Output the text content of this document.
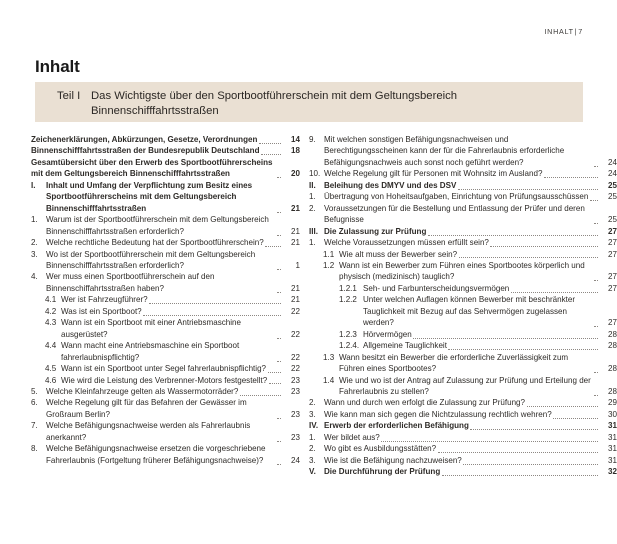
INHALT|7
Inhalt
Teil I Das Wichtigste über den Sportbootführerschein mit dem Geltungsbereich Binnenschifffahrtsstraßen
Zeichenerklärungen, Abkürzungen, Gesetze, Verordnungen	14
Binnenschifffahrtsstraßen der Bundesrepublik Deutschland	18
Gesamtübersicht über den Erwerb des Sportbootführerscheins mit dem Geltungsbereich Binnenschifffahrtsstraßen	20
I.	Inhalt und Umfang der Verpflichtung zum Besitz eines Sportbootführerscheins mit dem Geltungsbereich Binnenschifffahrtsstraßen	21
1.	Warum ist der Sportbootführerschein mit dem Geltungsbereich Binnenschifffahrtsstraßen erforderlich?	21
2.	Welche rechtliche Bedeutung hat der Sportbootführerschein?	21
3.	Wo ist der Sportbootführerschein mit dem Geltungsbereich Binnenschifffahrtsstraßen erforderlich?	1
4.	Wer muss einen Sportbootführerschein auf den Binnenschiffahrtsstraßen haben?	21
4.1 Wer ist Fahrzeugführer?	21
4.2 Was ist ein Sportboot?	22
4.3 Wann ist ein Sportboot mit einer Antriebsmaschine ausgerüstet?	22
4.4 Wann macht eine Antriebsmaschine ein Sportboot fahrerlaubnispflichtig?	22
4.5 Wann ist ein Sportboot unter Segel fahrerlaubnispflichtig?	22
4.6 Wie wird die Leistung des Verbrenner-Motors festgestellt?	23
5.	Welche Kleinfahrzeuge gelten als Wassermotorräder?	23
6.	Welche Regelung gilt für das Befahren der Gewässer im Großraum Berlin?	23
7.	Welche Befähigungsnachweise werden als Fahrerlaubnis anerkannt?	23
8.	Welche Befähigungsnachweise ersetzen die vorgeschriebene Fahrerlaubnis (Fortgeltung früherer Befähigungsnachweise)?	24
9.	Mit welchen sonstigen Befähigungsnachweisen und Berechtigungsscheinen kann der für die Fahrerlaubnis erforderliche Befähigungsnachweis auch sonst noch geführt werden?	24
10. Welche Regelung gilt für Personen mit Wohnsitz im Ausland?	24
II.	Beleihung des DMYV und des DSV	25
1.	Übertragung von Hoheitsaufgaben, Einrichtung von Prüfungsausschüssen	25
2.	Voraussetzungen für die Bestellung und Entlassung der Prüfer und deren Befugnisse	25
III. Die Zulassung zur Prüfung	27
1.	Welche Voraussetzungen müssen erfüllt sein?	27
1.1 Wie alt muss der Bewerber sein?	27
1.2 Wann ist ein Bewerber zum Führen eines Sportbootes körperlich und physisch (medizinisch) tauglich?	27
1.2.1 Seh- und Farbunterscheidungsvermögen	27
1.2.2 Unter welchen Auflagen können Bewerber mit beschränkter Tauglichkeit mit Bezug auf das Sehvermögen zugelassen werden?	27
1.2.3 Hörvermögen	28
1.2.4. Allgemeine Tauglichkeit	28
1.3 Wann besitzt ein Bewerber die erforderliche Zuverlässigkeit zum Führen eines Sportbootes?	28
1.4 Wie und wo ist der Antrag auf Zulassung zur Prüfung und Erteilung der Fahrerlaubnis zu stellen?	28
2.	Wann und durch wen erfolgt die Zulassung zur Prüfung?	29
3.	Wie kann man sich gegen die Nichtzulassung rechtlich wehren?	30
IV. Erwerb der erforderlichen Befähigung	31
1.	Wer bildet aus?	31
2.	Wo gibt es Ausbildungsstätten?	31
3.	Wie ist die Befähigung nachzuweisen?	31
V.	Die Durchführung der Prüfung	32
